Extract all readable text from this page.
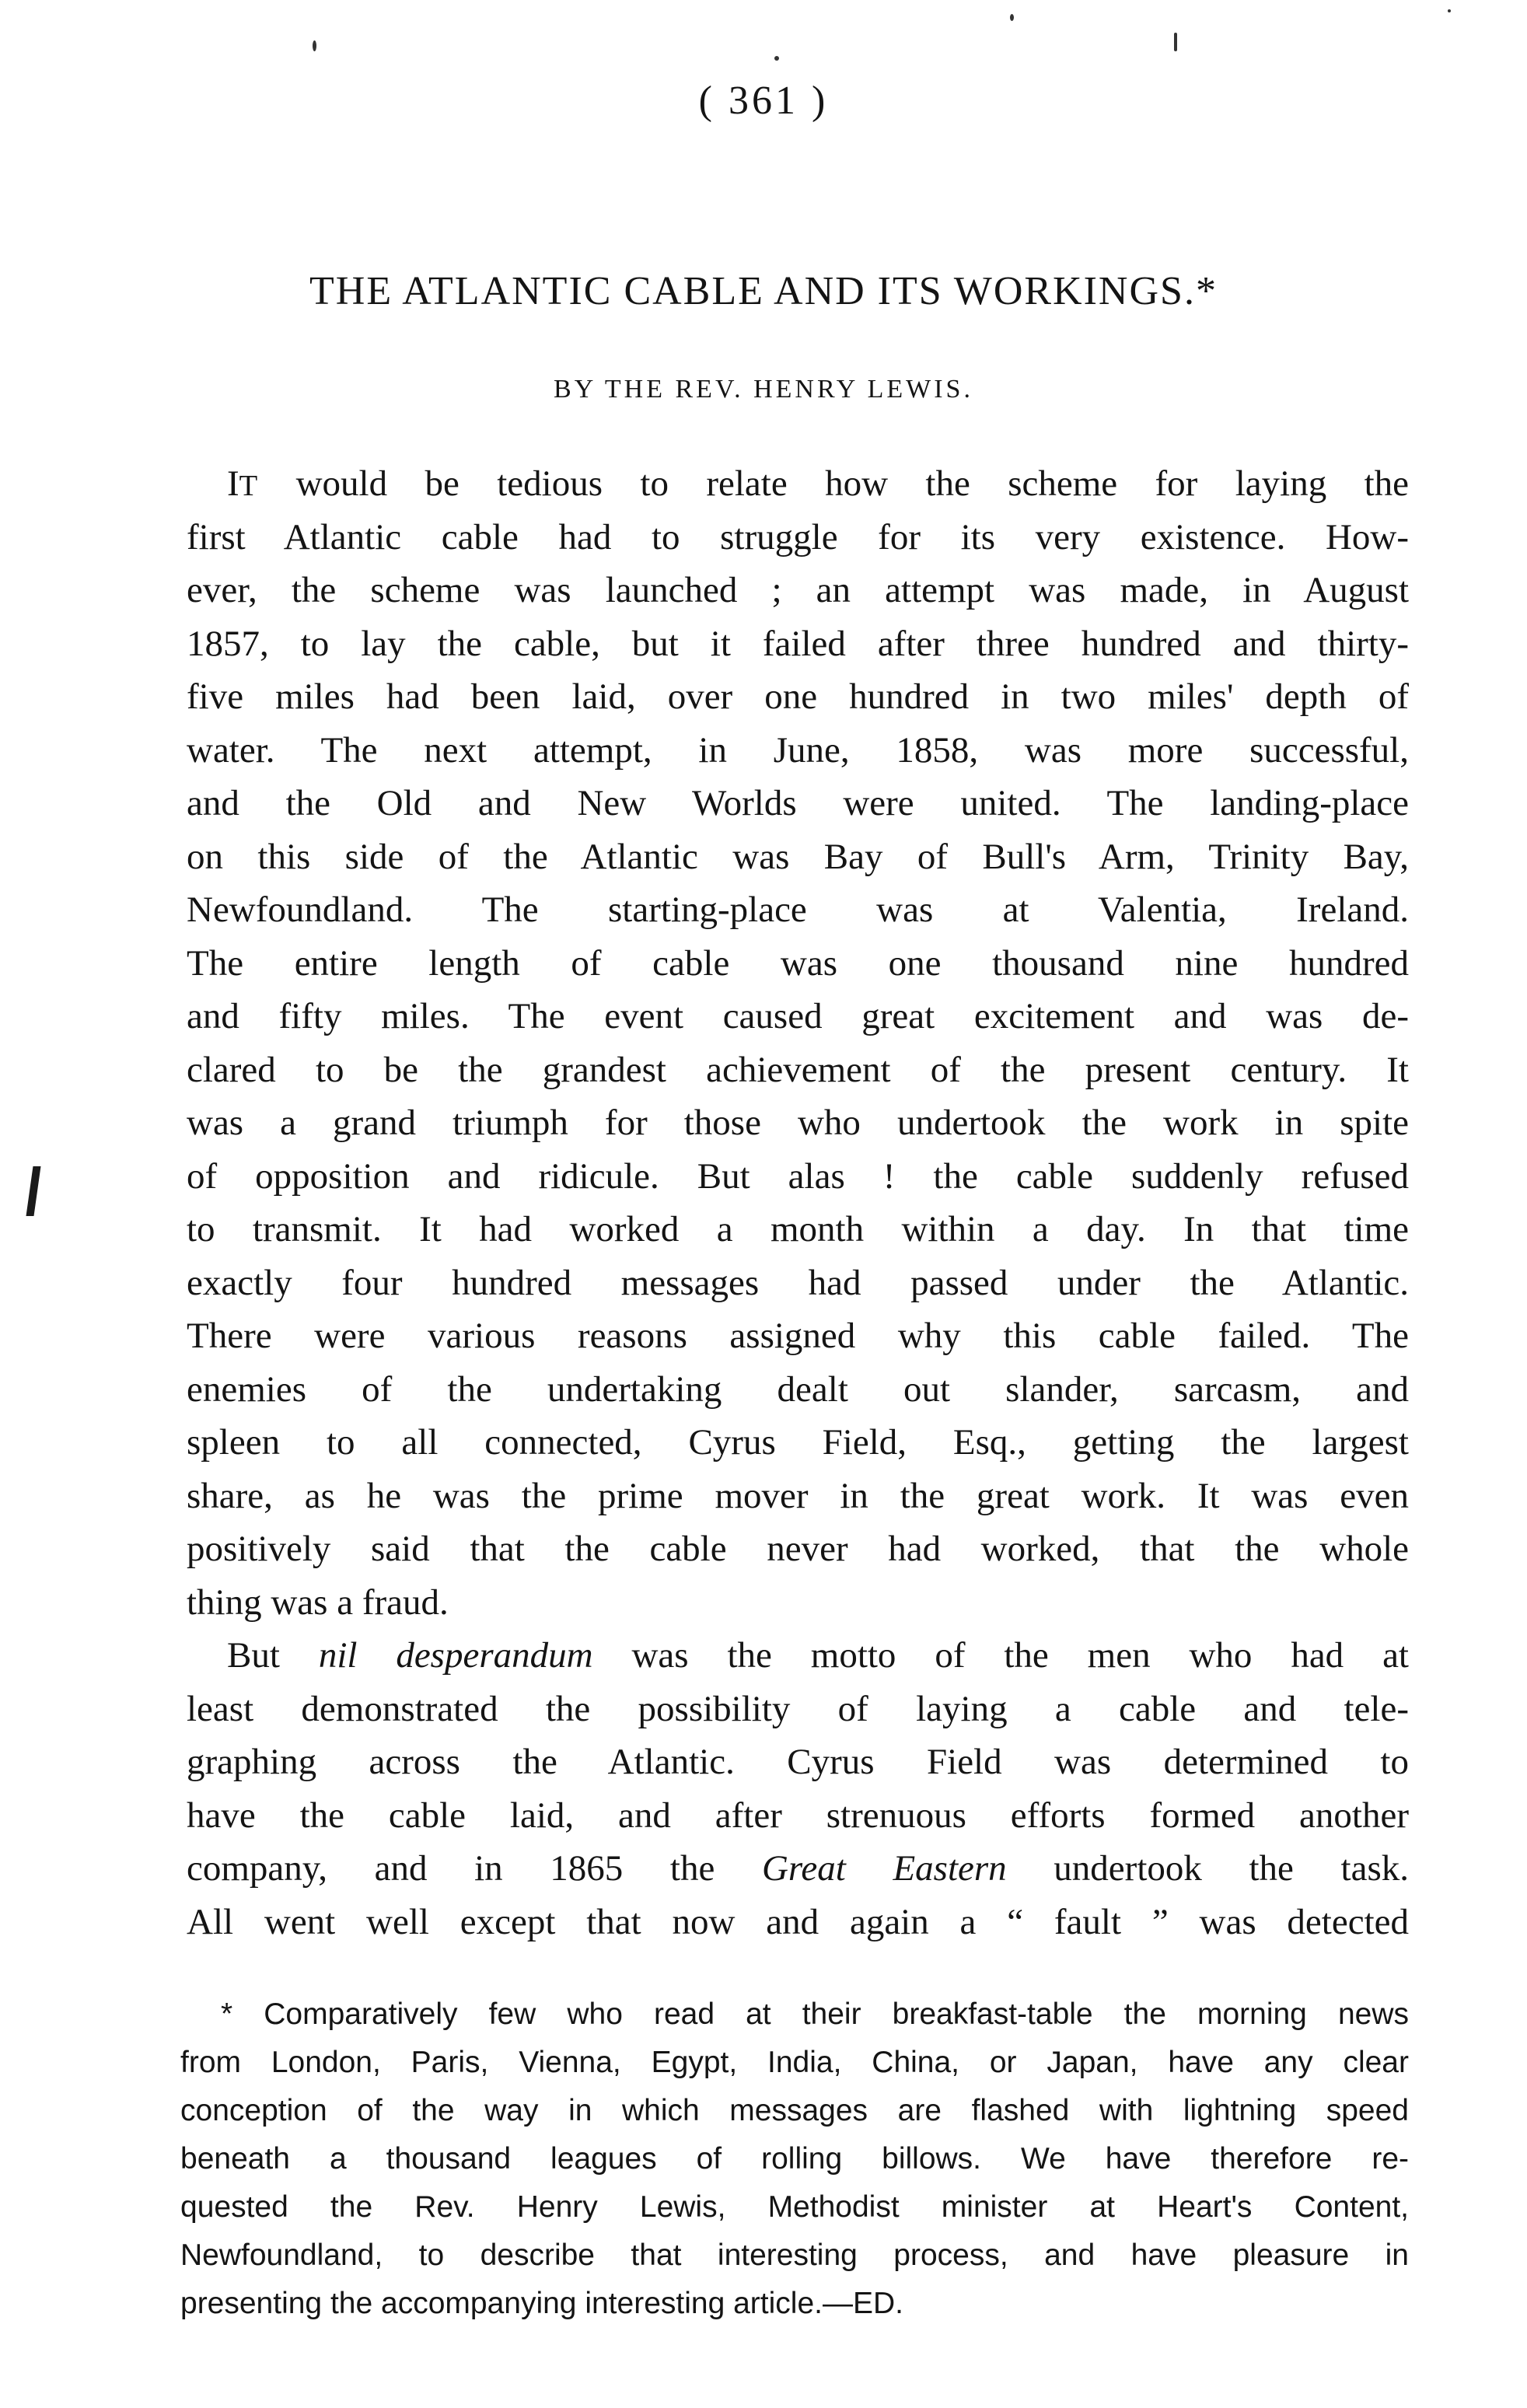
( 361 )
THE ATLANTIC CABLE AND ITS WORKINGS.*
BY THE REV. HENRY LEWIS.
IT would be tedious to relate how the scheme for laying the
first Atlantic cable had to struggle for its very existence. How-
ever, the scheme was launched ; an attempt was made, in August
1857, to lay the cable, but it failed after three hundred and thirty-
five miles had been laid, over one hundred in two miles' depth of
water. The next attempt, in June, 1858, was more successful,
and the Old and New Worlds were united. The landing-place
on this side of the Atlantic was Bay of Bull's Arm, Trinity Bay,
Newfoundland. The starting-place was at Valentia, Ireland.
The entire length of cable was one thousand nine hundred
and fifty miles. The event caused great excitement and was de-
clared to be the grandest achievement of the present century. It
was a grand triumph for those who undertook the work in spite
of opposition and ridicule. But alas ! the cable suddenly refused
to transmit. It had worked a month within a day. In that time
exactly four hundred messages had passed under the Atlantic.
There were various reasons assigned why this cable failed. The
enemies of the undertaking dealt out slander, sarcasm, and
spleen to all connected, Cyrus Field, Esq., getting the largest
share, as he was the prime mover in the great work. It was even
positively said that the cable never had worked, that the whole
thing was a fraud.
But nil desperandum was the motto of the men who had at
least demonstrated the possibility of laying a cable and tele-
graphing across the Atlantic. Cyrus Field was determined to
have the cable laid, and after strenuous efforts formed another
company, and in 1865 the Great Eastern undertook the task.
All went well except that now and again a “ fault ” was detected
* Comparatively few who read at their breakfast-table the morning news
from London, Paris, Vienna, Egypt, India, China, or Japan, have any clear
conception of the way in which messages are flashed with lightning speed
beneath a thousand leagues of rolling billows. We have therefore re-
quested the Rev. Henry Lewis, Methodist minister at Heart's Content,
Newfoundland, to describe that interesting process, and have pleasure in
presenting the accompanying interesting article.—ED.
